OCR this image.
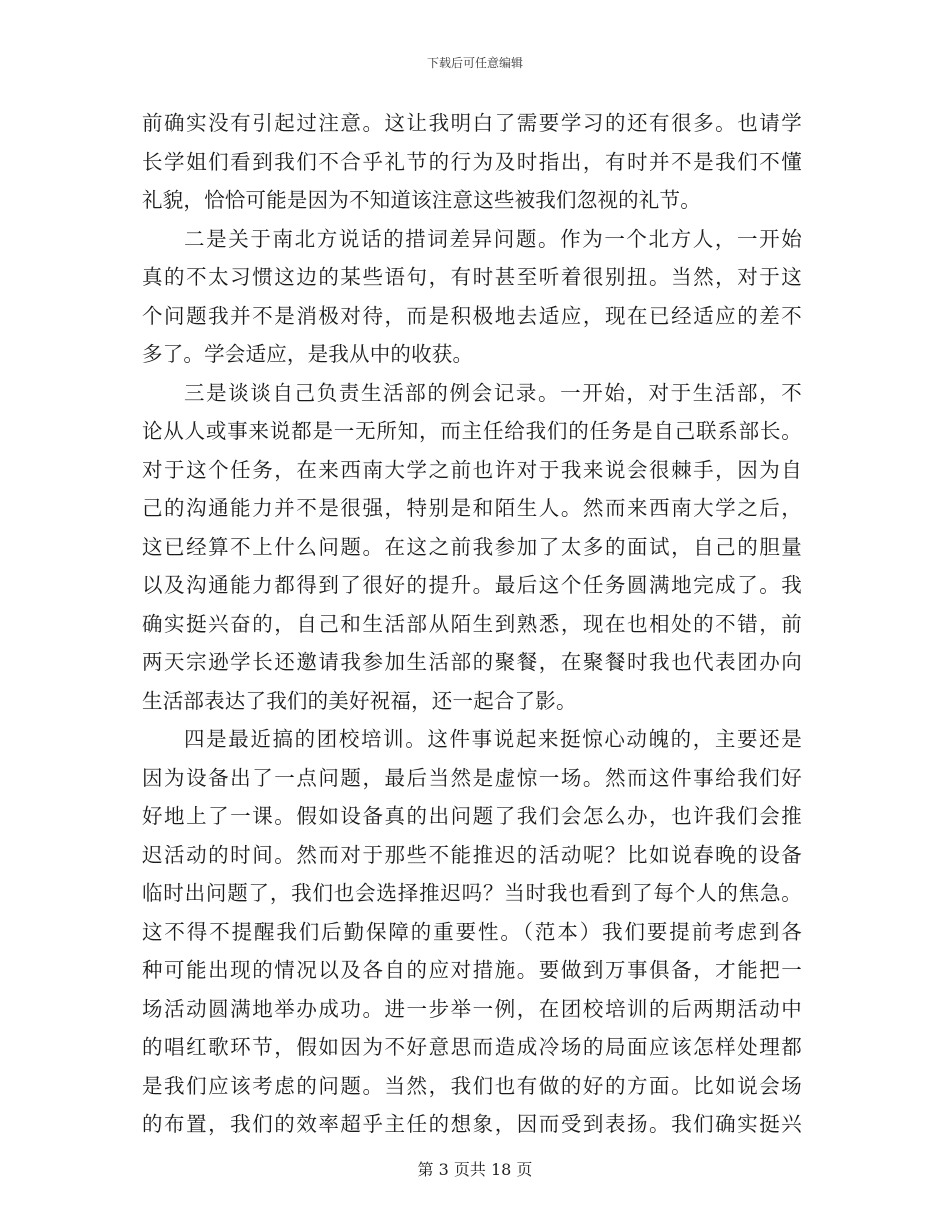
下载后可任意编辑
前确实没有引起过注意。这让我明白了需要学习的还有很多。也请学
长学姐们看到我们不合乎礼节的行为及时指出，有时并不是我们不懂
礼貌，恰恰可能是因为不知道该注意这些被我们忽视的礼节。
二是关于南北方说话的措词差异问题。作为一个北方人，一开始
真的不太习惯这边的某些语句，有时甚至听着很别扭。当然，对于这
个问题我并不是消极对待，而是积极地去适应，现在已经适应的差不
多了。学会适应，是我从中的收获。
三是谈谈自己负责生活部的例会记录。一开始，对于生活部，不
论从人或事来说都是一无所知，而主任给我们的任务是自己联系部长。
对于这个任务，在来西南大学之前也许对于我来说会很棘手，因为自
己的沟通能力并不是很强，特别是和陌生人。然而来西南大学之后，
这已经算不上什么问题。在这之前我参加了太多的面试，自己的胆量
以及沟通能力都得到了很好的提升。最后这个任务圆满地完成了。我
确实挺兴奋的，自己和生活部从陌生到熟悉，现在也相处的不错，前
两天宗逊学长还邀请我参加生活部的聚餐，在聚餐时我也代表团办向
生活部表达了我们的美好祝福，还一起合了影。
四是最近搞的团校培训。这件事说起来挺惊心动魄的，主要还是
因为设备出了一点问题，最后当然是虚惊一场。然而这件事给我们好
好地上了一课。假如设备真的出问题了我们会怎么办，也许我们会推
迟活动的时间。然而对于那些不能推迟的活动呢？比如说春晚的设备
临时出问题了，我们也会选择推迟吗？当时我也看到了每个人的焦急。
这不得不提醒我们后勤保障的重要性。（范本）我们要提前考虑到各
种可能出现的情况以及各自的应对措施。要做到万事俱备，才能把一
场活动圆满地举办成功。进一步举一例，在团校培训的后两期活动中
的唱红歌环节，假如因为不好意思而造成冷场的局面应该怎样处理都
是我们应该考虑的问题。当然，我们也有做的好的方面。比如说会场
的布置，我们的效率超乎主任的想象，因而受到表扬。我们确实挺兴
第 3 页共 18 页
